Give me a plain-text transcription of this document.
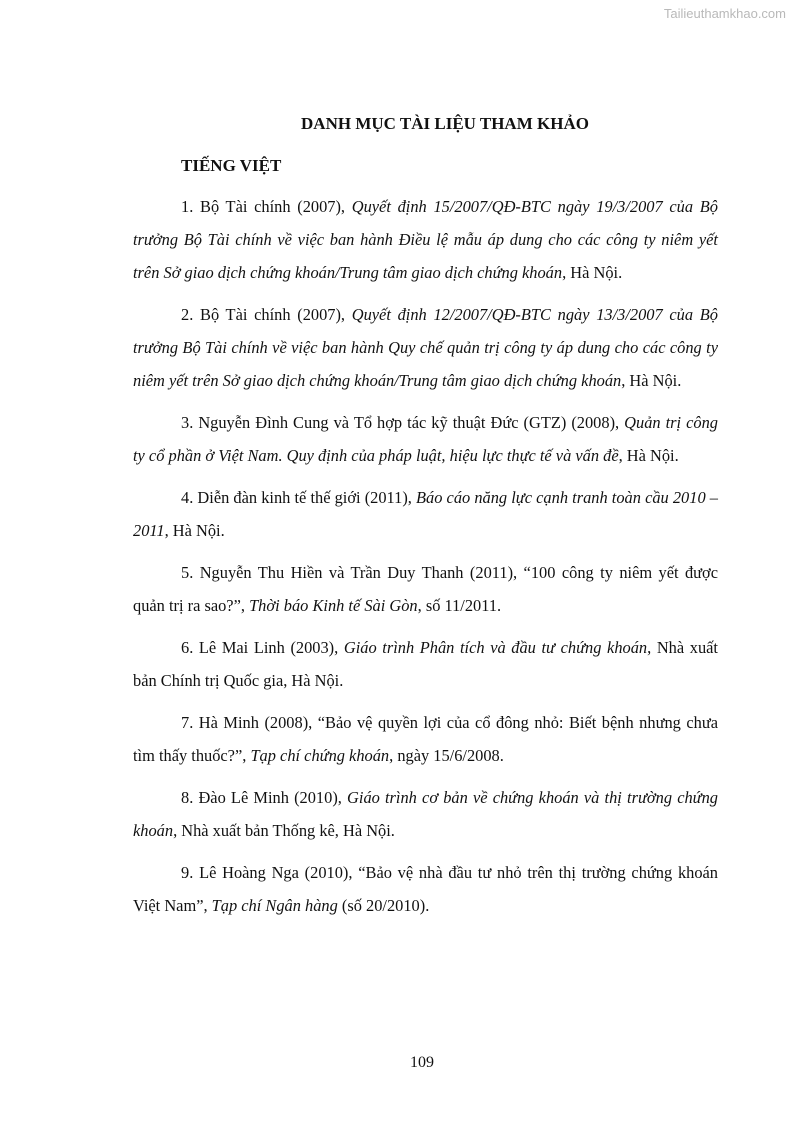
Tailieuthamkhao.com
DANH MỤC TÀI LIỆU THAM KHẢO
TIẾNG VIỆT
1. Bộ Tài chính (2007), Quyết định 15/2007/QĐ-BTC ngày 19/3/2007 của Bộ trưởng Bộ Tài chính về việc ban hành Điều lệ mẫu áp dung cho các công ty niêm yết trên Sở giao dịch chứng khoán/Trung tâm giao dịch chứng khoán, Hà Nội.
2. Bộ Tài chính (2007), Quyết định 12/2007/QĐ-BTC ngày 13/3/2007 của Bộ trưởng Bộ Tài chính về việc ban hành Quy chế quản trị công ty áp dung cho các công ty niêm yết trên Sở giao dịch chứng khoán/Trung tâm giao dịch chứng khoán, Hà Nội.
3. Nguyễn Đình Cung và Tổ hợp tác kỹ thuật Đức (GTZ) (2008), Quản trị công ty cổ phần ở Việt Nam. Quy định của pháp luật, hiệu lực thực tế và vấn đề, Hà Nội.
4. Diễn đàn kinh tế thế giới (2011), Báo cáo năng lực cạnh tranh toàn cầu 2010 – 2011, Hà Nội.
5. Nguyễn Thu Hiền và Trần Duy Thanh (2011), “100 công ty niêm yết được quản trị ra sao?”, Thời báo Kinh tế Sài Gòn, số 11/2011.
6. Lê Mai Linh (2003), Giáo trình Phân tích và đầu tư chứng khoán, Nhà xuất bản Chính trị Quốc gia, Hà Nội.
7. Hà Minh (2008), “Bảo vệ quyền lợi của cổ đông nhỏ: Biết bệnh nhưng chưa tìm thấy thuốc?”, Tạp chí chứng khoán, ngày 15/6/2008.
8. Đào Lê Minh (2010), Giáo trình cơ bản về chứng khoán và thị trường chứng khoán, Nhà xuất bản Thống kê, Hà Nội.
9. Lê Hoàng Nga (2010), “Bảo vệ nhà đầu tư nhỏ trên thị trường chứng khoán Việt Nam”, Tạp chí Ngân hàng (số 20/2010).
109
